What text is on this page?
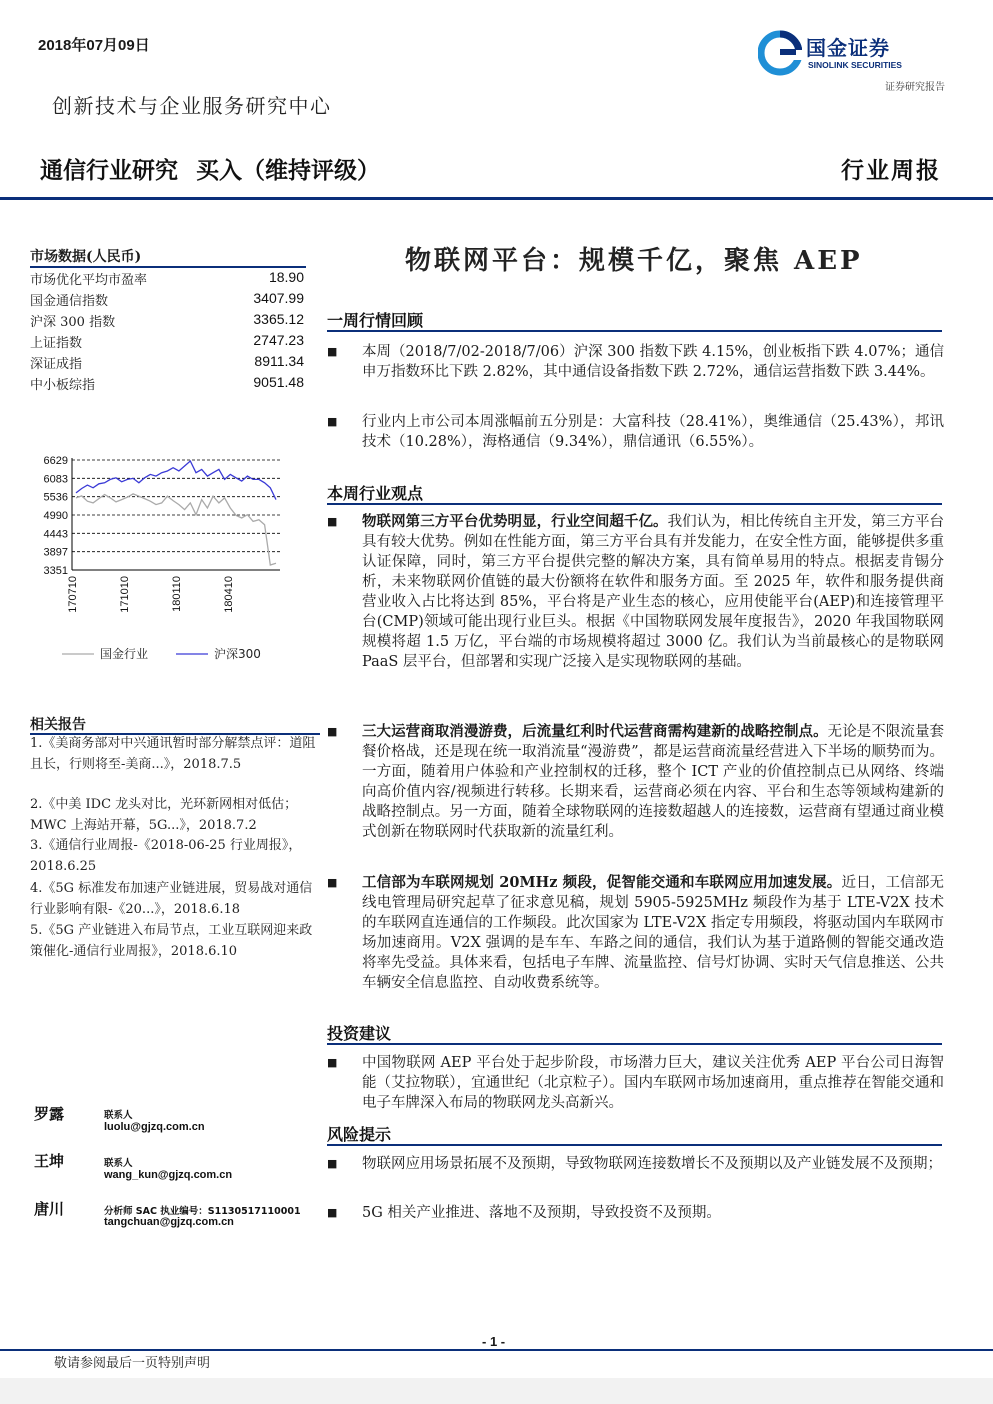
2018年07月09日	国金证券
SINOLINK SECURITIES
证券研究报告
创新技术与企业服务研究中心
通信行业研究 买入（维持评级）	行业周报
市场数据(人民币)
市场优化平均市盈率	18.90
国金通信指数	3407.99
沪深 300 指数	3365.12
上证指数	2747.23
深证成指	8911.34
中小板综指	9051.48
6629
6083
5536
4990
4443
3897
3351
170710	171010	180110	180410
国金行业	沪深300
相关报告
1.《美商务部对中兴通讯暂时部分解禁点评：道阻且长，行则将至-美商...》，2018.7.5
2.《中美 IDC 龙头对比，光环新网相对低估；MWC 上海站开幕，5G...》，2018.7.2
3.《通信行业周报-《2018-06-25 行业周报》，2018.6.25
4.《5G 标准发布加速产业链进展，贸易战对通信行业影响有限-《20...》，2018.6.18
5.《5G 产业链进入布局节点，工业互联网迎来政策催化-通信行业周报》，2018.6.10
罗露	联系人
luolu@gjzq.com.cn
王坤	联系人
wang_kun@gjzq.com.cn
唐川	分析师 SAC 执业编号：S1130517110001
tangchuan@gjzq.com.cn
物联网平台：规模千亿，聚焦 AEP
一周行情回顾
■ 本周（2018/7/02-2018/7/06）沪深 300 指数下跌 4.15%，创业板指下跌 4.07%；通信申万指数环比下跌 2.82%，其中通信设备指数下跌 2.72%，通信运营指数下跌 3.44%。
■ 行业内上市公司本周涨幅前五分别是：大富科技（28.41%），奥维通信（25.43%），邦讯技术（10.28%），海格通信（9.34%），鼎信通讯（6.55%）。
本周行业观点
■ 物联网第三方平台优势明显，行业空间超千亿。我们认为，相比传统自主开发，第三方平台具有较大优势。例如在性能方面，第三方平台具有并发能力，在安全性方面，能够提供多重认证保障，同时，第三方平台提供完整的解决方案，具有简单易用的特点。根据麦肯锡分析，未来物联网价值链的最大份额将在软件和服务方面。至 2025 年，软件和服务提供商营业收入占比将达到 85%，平台将是产业生态的核心，应用使能平台(AEP)和连接管理平台(CMP)领域可能出现行业巨头。根据《中国物联网发展年度报告》，2020 年我国物联网规模将超 1.5 万亿，平台端的市场规模将超过 3000 亿。我们认为当前最核心的是物联网 PaaS 层平台，但部署和实现广泛接入是实现物联网的基础。
■ 三大运营商取消漫游费，后流量红利时代运营商需构建新的战略控制点。无论是不限流量套餐价格战，还是现在统一取消流量“漫游费”，都是运营商流量经营进入下半场的顺势而为。一方面，随着用户体验和产业控制权的迁移，整个 ICT 产业的价值控制点已从网络、终端向高价值内容/视频进行转移。长期来看，运营商必须在内容、平台和生态等领域构建新的战略控制点。另一方面，随着全球物联网的连接数超越人的连接数，运营商有望通过商业模式创新在物联网时代获取新的流量红利。
■ 工信部为车联网规划 20MHz 频段，促智能交通和车联网应用加速发展。近日，工信部无线电管理局研究起草了征求意见稿，规划 5905-5925MHz 频段作为基于 LTE-V2X 技术的车联网直连通信的工作频段。此次国家为 LTE-V2X 指定专用频段，将驱动国内车联网市场加速商用。V2X 强调的是车车、车路之间的通信，我们认为基于道路侧的智能交通改造将率先受益。具体来看，包括电子车牌、流量监控、信号灯协调、实时天气信息推送、公共车辆安全信息监控、自动收费系统等。
投资建议
■ 中国物联网 AEP 平台处于起步阶段，市场潜力巨大，建议关注优秀 AEP 平台公司日海智能（艾拉物联），宜通世纪（北京粒子）。国内车联网市场加速商用，重点推荐在智能交通和电子车牌深入布局的物联网龙头高新兴。
风险提示
■ 物联网应用场景拓展不及预期，导致物联网连接数增长不及预期以及产业链发展不及预期；
■ 5G 相关产业推进、落地不及预期，导致投资不及预期。
- 1 -
敬请参阅最后一页特别声明
